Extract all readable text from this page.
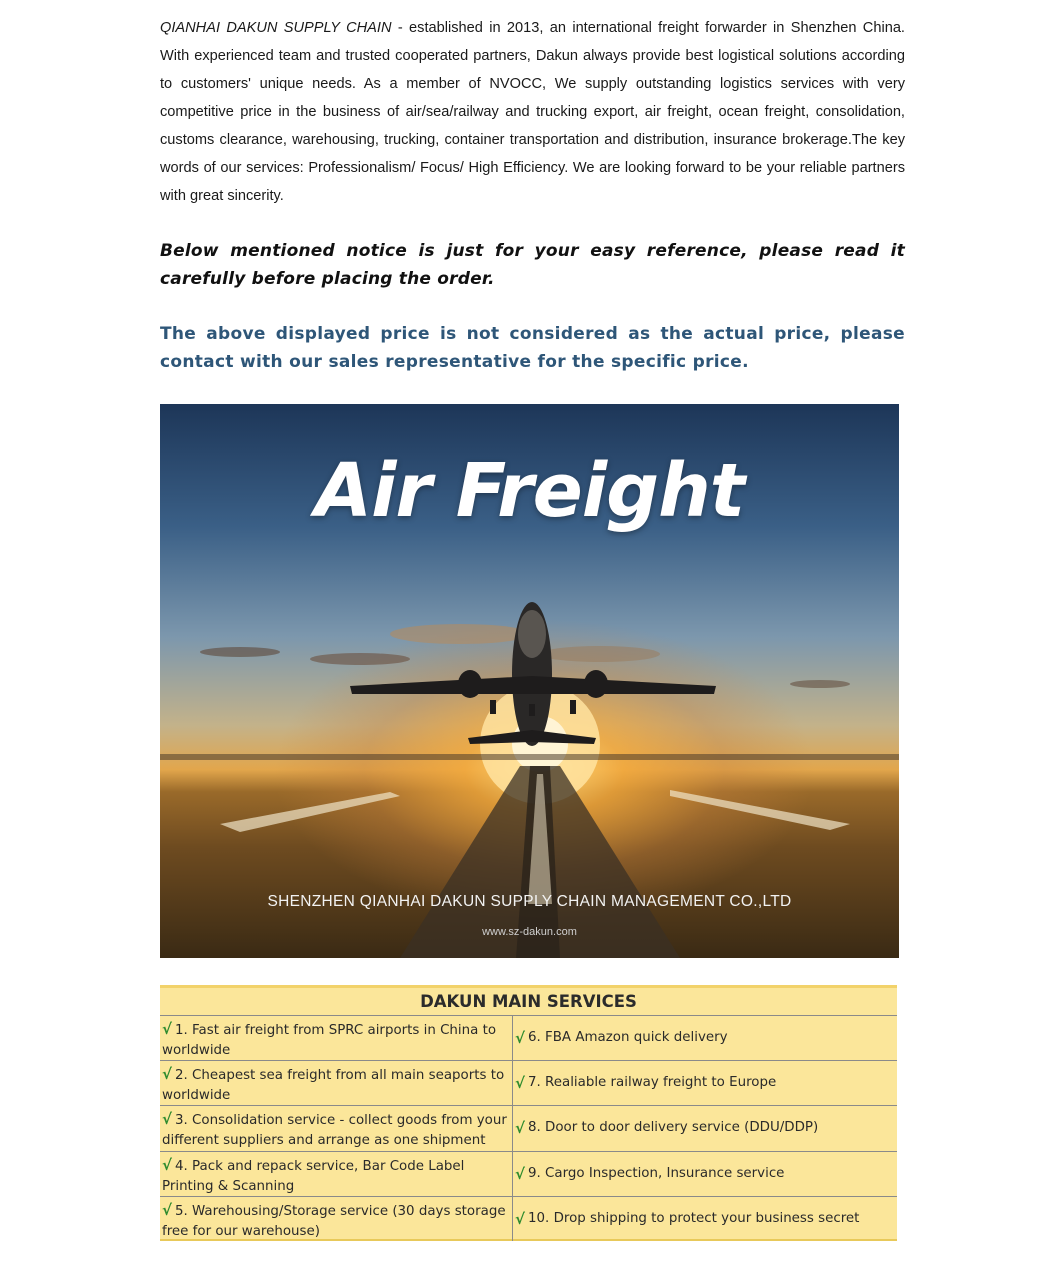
QIANHAI DAKUN SUPPLY CHAIN - established in 2013, an international freight forwarder in Shenzhen China. With experienced team and trusted cooperated partners, Dakun always provide best logistical solutions according to customers' unique needs. As a member of NVOCC, We supply outstanding logistics services with very competitive price in the business of air/sea/railway and trucking export, air freight, ocean freight, consolidation, customs clearance, warehousing, trucking, container transportation and distribution, insurance brokerage.The key words of our services: Professionalism/ Focus/ High Efficiency. We are looking forward to be your reliable partners with great sincerity.
Below mentioned notice is just for your easy reference, please read it carefully before placing the order.
The above displayed price is not considered as the actual price, please contact with our sales representative for the specific price.
Air Freight
SHENZHEN QIANHAI DAKUN SUPPLY CHAIN MANAGEMENT CO.,LTD
www.sz-dakun.com
DAKUN MAIN SERVICES
√ 1. Fast air freight from SPRC airports in China to worldwide
√ 6. FBA Amazon quick delivery
√ 2. Cheapest sea freight from all main seaports to worldwide
√ 7. Realiable railway freight to Europe
√ 3. Consolidation service - collect goods from your different suppliers and arrange as one shipment
√ 8. Door to door delivery service (DDU/DDP)
√ 4. Pack and repack service, Bar Code Label Printing & Scanning
√ 9. Cargo Inspection, Insurance service
√ 5. Warehousing/Storage service (30 days storage free for our warehouse)
√ 10. Drop shipping to protect your business secret
